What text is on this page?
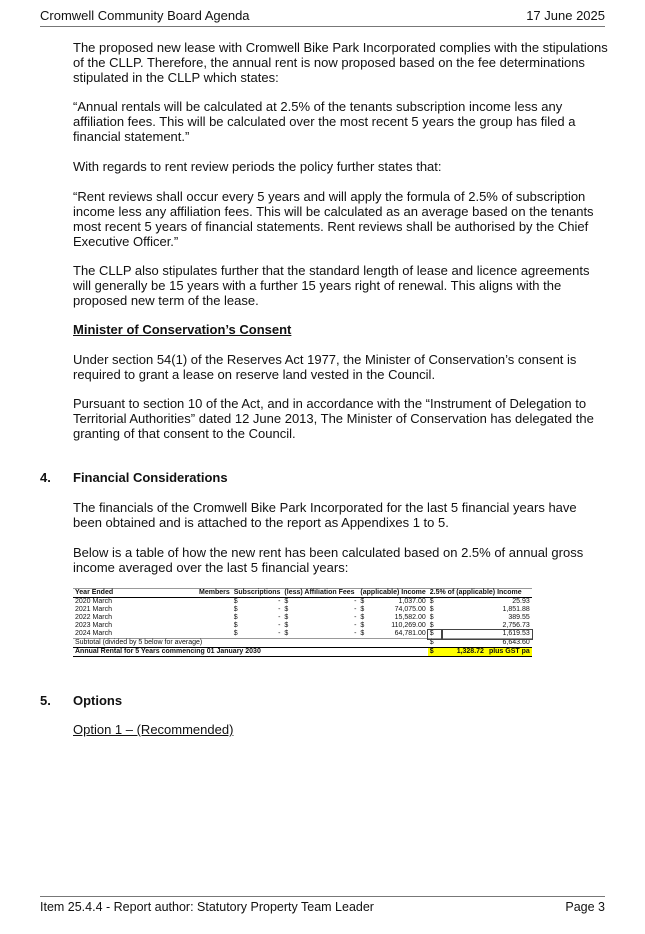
Cromwell Community Board Agenda	17 June 2025

The proposed new lease with Cromwell Bike Park Incorporated complies with the stipulations of the CLLP. Therefore, the annual rent is now proposed based on the fee determinations stipulated in the CLLP which states:

“Annual rentals will be calculated at 2.5% of the tenants subscription income less any affiliation fees. This will be calculated over the most recent 5 years the group has filed a financial statement.”

With regards to rent review periods the policy further states that:

“Rent reviews shall occur every 5 years and will apply the formula of 2.5% of subscription income less any affiliation fees. This will be calculated as an average based on the tenants most recent 5 years of financial statements. Rent reviews shall be authorised by the Chief Executive Officer.”

The CLLP also stipulates further that the standard length of lease and licence agreements will generally be 15 years with a further 15 years right of renewal. This aligns with the proposed new term of the lease.

Minister of Conservation’s Consent

Under section 54(1) of the Reserves Act 1977, the Minister of Conservation’s consent is required to grant a lease on reserve land vested in the Council.

Pursuant to section 10 of the Act, and in accordance with the “Instrument of Delegation to Territorial Authorities” dated 12 June 2013, The Minister of Conservation has delegated the granting of that consent to the Council.

4. Financial Considerations

The financials of the Cromwell Bike Park Incorporated for the last 5 financial years have been obtained and is attached to the report as Appendixes 1 to 5.

Below is a table of how the new rent has been calculated based on 2.5% of annual gross income averaged over the last 5 financial years:

Year Ended	Members	Subscriptions		(less) Affiliation Fees		(applicable) Income		2.5% of (applicable) Income	
2020 March		$	-	$	-	$	1,037.00	$	25.93
2021 March		$	-	$	-	$	74,075.00	$	1,851.88
2022 March		$	-	$	-	$	15,582.00	$	389.55
2023 March		$	-	$	-	$	110,269.00	$	2,756.73
2024 March		$	-	$	-	$	64,781.00	$	1,619.53
Subtotal (divided by 5 below for average)								$	6,643.60
Annual Rental for 5 Years commencing 01 January 2030								$	1,328.72 plus GST pa
5. Options

Option 1 – (Recommended)

Item 25.4.4 - Report author: Statutory Property Team Leader	Page 3
